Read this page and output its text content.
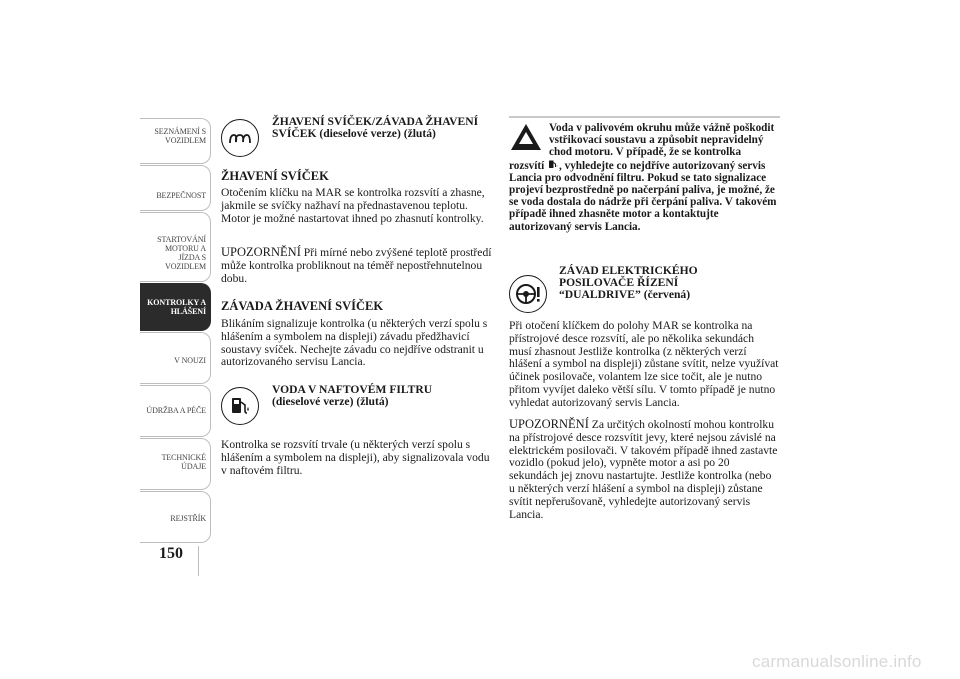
SEZNÁMENÍ S VOZIDLEM
BEZPEČNOST
STARTOVÁNÍ MOTORU A JÍZDA S VOZIDLEM
KONTROLKY A HLÁŠENÍ
V NOUZI
ÚDRŽBA A PÉČE
TECHNICKÉ ÚDAJE
REJSTŘÍK
150
ŽHAVENÍ SVÍČEK/ZÁVADA ŽHAVENÍ SVÍČEK (dieselové verze) (žlutá)
ŽHAVENÍ SVÍČEK
Otočením klíčku na MAR se kontrolka rozsvítí a zhasne, jakmile se svíčky nažhaví na přednastavenou teplotu. Motor je možné nastartovat ihned po zhasnutí kontrolky.
UPOZORNĚNÍ Při mírné nebo zvýšené teplotě prostředí může kontrolka probliknout na téměř nepostřehnutelnou dobu.
ZÁVADA ŽHAVENÍ SVÍČEK
Blikáním signalizuje kontrolka (u některých verzí spolu s hlášením a symbolem na displeji) závadu předžhavicí soustavy svíček. Nechejte závadu co nejdříve odstranit u autorizovaného servisu Lancia.
VODA V NAFTOVÉM FILTRU
(dieselové verze) (žlutá)
Kontrolka se rozsvítí trvale (u některých verzí spolu s hlášením a symbolem na displeji), aby signalizovala vodu v naftovém filtru.
Voda v palivovém okruhu může vážně poškodit vstřikovací soustavu a způsobit nepravidelný chod motoru. V případě, že se kontrolka rozsvítí , vyhledejte co nejdříve autorizovaný servis Lancia pro odvodnění filtru. Pokud se tato signalizace projeví bezprostředně po načerpání paliva, je možné, že se voda dostala do nádrže při čerpání paliva. V takovém případě ihned zhasněte motor a kontaktujte autorizovaný servis Lancia.
ZÁVAD ELEKTRICKÉHO POSILOVAČE ŘÍZENÍ “DUALDRIVE” (červená)
Při otočení klíčkem do polohy MAR se kontrolka na přístrojové desce rozsvítí, ale po několika sekundách musí zhasnout Jestliže kontrolka (z některých verzí hlášení a symbol na displeji) zůstane svítit, nelze využívat účinek posilovače, volantem lze sice točit, ale je nutno přitom vyvíjet daleko větší sílu. V tomto případě je nutno vyhledat autorizovaný servis Lancia.
UPOZORNĚNÍ Za určitých okolností mohou kontrolku na přístrojové desce rozsvítit jevy, které nejsou závislé na elektrickém posilovači. V takovém případě ihned zastavte vozidlo (pokud jelo), vypněte motor a asi po 20 sekundách jej znovu nastartujte. Jestliže kontrolka (nebo u některých verzí hlášení a symbol na displeji) zůstane svítit nepřerušovaně, vyhledejte autorizovaný servis Lancia.
carmanualsonline.info
